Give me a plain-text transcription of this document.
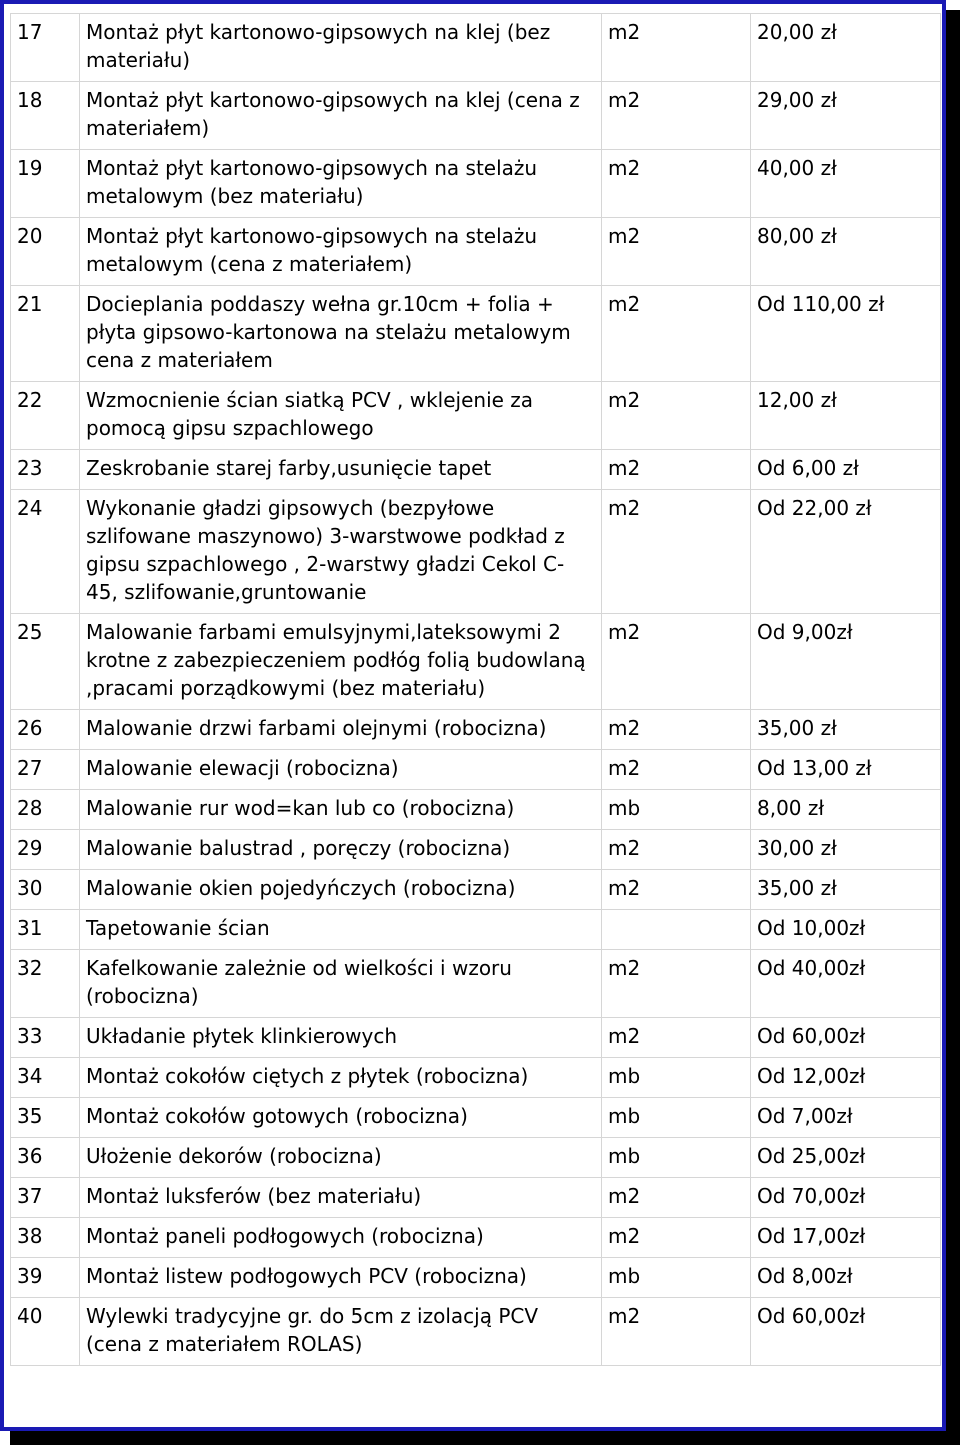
17	Montaż płyt kartonowo-gipsowych na klej (bez materiału)	m2	20,00 zł
18	Montaż płyt kartonowo-gipsowych na klej (cena z materiałem)	m2	29,00 zł
19	Montaż płyt kartonowo-gipsowych na stelażu metalowym (bez materiału)	m2	40,00 zł
20	Montaż płyt kartonowo-gipsowych na stelażu metalowym (cena z materiałem)	m2	80,00 zł
21	Docieplania poddaszy wełna gr.10cm + folia + płyta gipsowo-kartonowa na stelażu metalowym cena z materiałem	m2	Od 110,00 zł
22	Wzmocnienie ścian siatką PCV , wklejenie za pomocą gipsu szpachlowego	m2	12,00 zł
23	Zeskrobanie starej farby,usunięcie tapet	m2	Od 6,00 zł
24	Wykonanie gładzi gipsowych (bezpyłowe szlifowane maszynowo) 3-warstwowe podkład z gipsu szpachlowego , 2-warstwy gładzi Cekol C-45, szlifowanie,gruntowanie	m2	Od 22,00 zł
25	Malowanie farbami emulsyjnymi,lateksowymi 2 krotne z zabezpieczeniem podłóg folią budowlaną ,pracami porządkowymi (bez materiału)	m2	Od 9,00zł
26	Malowanie drzwi farbami olejnymi (robocizna)	m2	35,00 zł
27	Malowanie elewacji (robocizna)	m2	Od 13,00 zł
28	Malowanie rur wod=kan lub co (robocizna)	mb	8,00 zł
29	Malowanie balustrad , poręczy (robocizna)	m2	30,00 zł
30	Malowanie okien pojedyńczych (robocizna)	m2	35,00 zł
31	Tapetowanie ścian		Od 10,00zł
32	Kafelkowanie zależnie od wielkości i wzoru (robocizna)	m2	Od 40,00zł
33	Układanie płytek klinkierowych	m2	Od 60,00zł
34	Montaż cokołów ciętych z płytek (robocizna)	mb	Od 12,00zł
35	Montaż cokołów gotowych (robocizna)	mb	Od 7,00zł
36	Ułożenie dekorów (robocizna)	mb	Od 25,00zł
37	Montaż luksferów (bez materiału)	m2	Od 70,00zł
38	Montaż paneli podłogowych (robocizna)	m2	Od 17,00zł
39	Montaż listew podłogowych PCV (robocizna)	mb	Od 8,00zł
40	Wylewki tradycyjne gr. do 5cm z izolacją PCV (cena z materiałem ROLAS)	m2	Od 60,00zł
